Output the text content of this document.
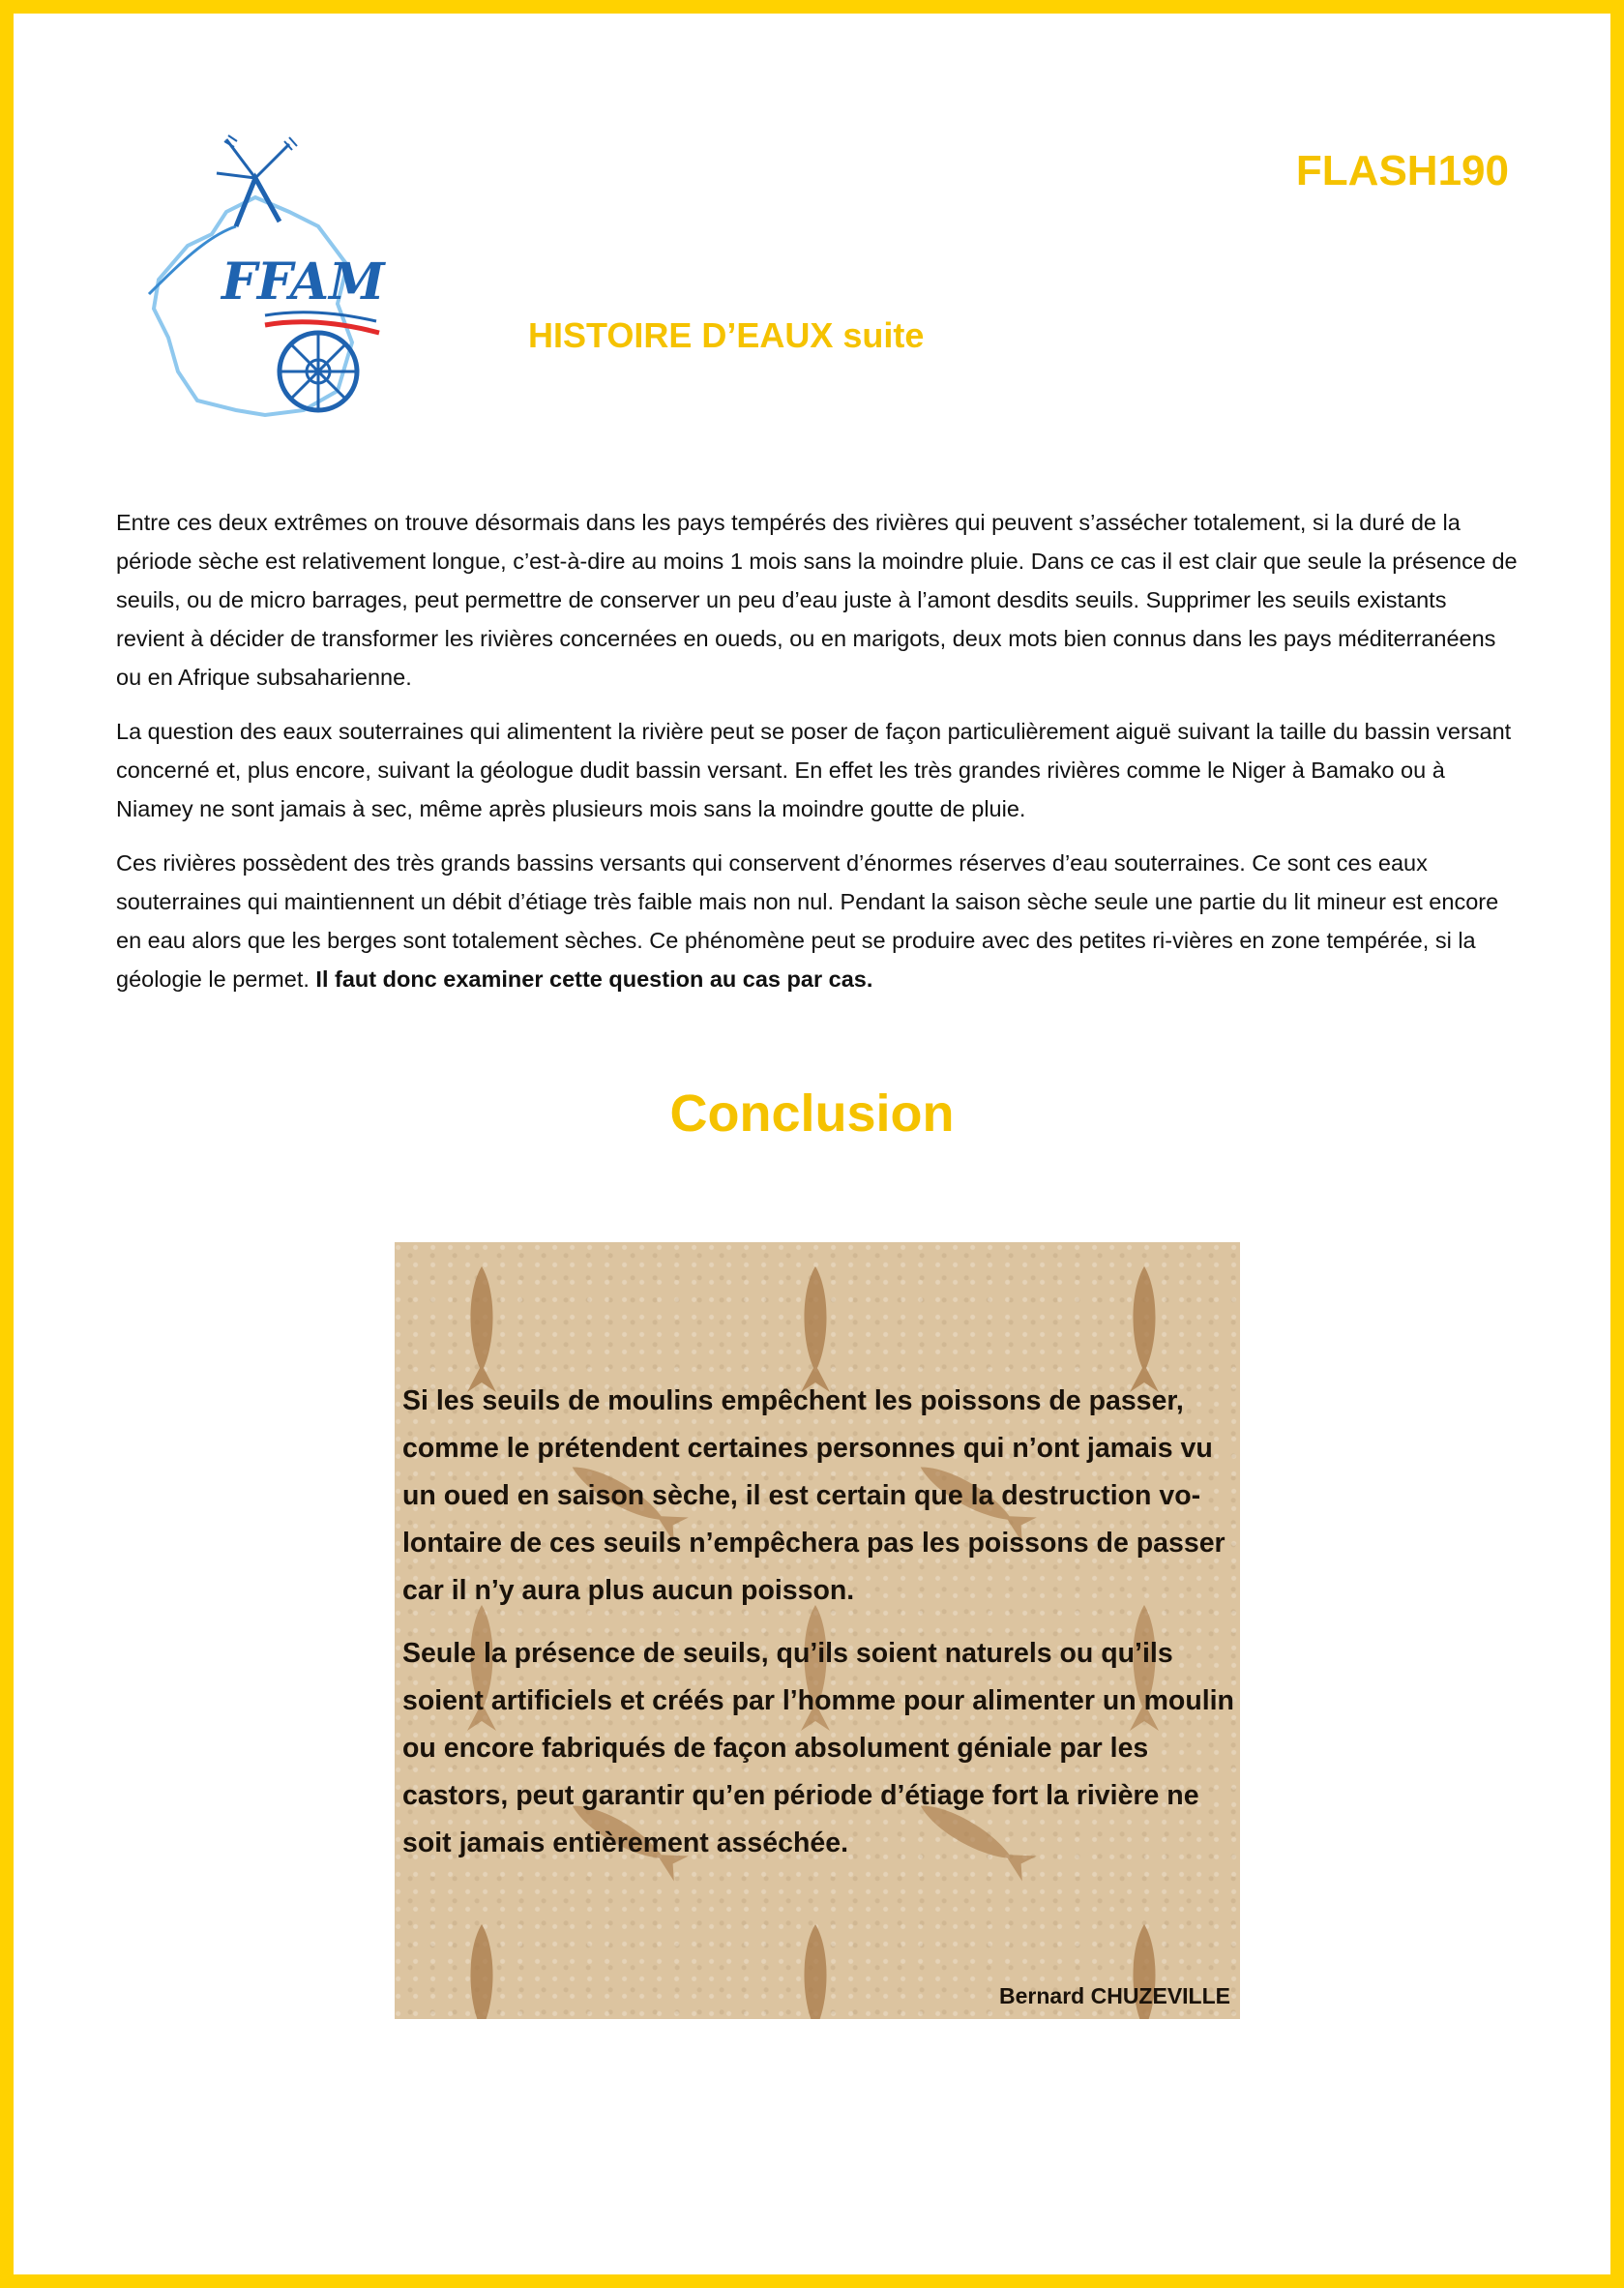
FFAM
FLASH190
HISTOIRE D’EAUX suite

Entre ces deux extrêmes on trouve désormais dans les pays tempérés des rivières qui peuvent s’assécher totalement, si la duré de la période sèche est relativement longue, c’est-à-dire au moins 1 mois sans la moindre pluie. Dans ce cas il est clair que seule la présence de seuils, ou de micro barrages, peut permettre de conserver un peu d’eau juste à l’amont desdits seuils. Supprimer les seuils existants revient à décider de transformer les rivières concernées en oueds, ou en marigots, deux mots bien connus dans les pays méditerranéens ou en Afrique subsaharienne.

La question des eaux souterraines qui alimentent la rivière peut se poser de façon particulièrement aiguë suivant la taille du bassin versant concerné et, plus encore, suivant la géologue dudit bassin versant. En effet les très grandes rivières comme le Niger à Bamako ou à Niamey ne sont jamais à sec, même après plusieurs mois sans la moindre goutte de pluie.

Ces rivières possèdent des très grands bassins versants qui conservent d’énormes réserves d’eau souterraines. Ce sont ces eaux souterraines qui maintiennent un débit d’étiage très faible mais non nul. Pendant la saison sèche seule une partie du lit mineur est encore en eau alors que les berges sont totalement sèches. Ce phénomène peut se produire avec des petites ri-vières en zone tempérée, si la géologie le permet. Il faut donc examiner cette question au cas par cas.

Conclusion

Si les seuils de moulins empêchent les poissons de passer, comme le prétendent certaines personnes qui n’ont jamais vu un oued en saison sèche, il est certain que la destruction vo-lontaire de ces seuils n’empêchera pas les poissons de passer car il n’y aura plus aucun poisson.

Seule la présence de seuils, qu’ils soient naturels ou qu’ils soient artificiels et créés par l’homme pour alimenter un moulin ou encore fabriqués de façon absolument géniale par les castors, peut garantir qu’en période d’étiage fort la rivière ne soit jamais entièrement asséchée.

Bernard CHUZEVILLE
